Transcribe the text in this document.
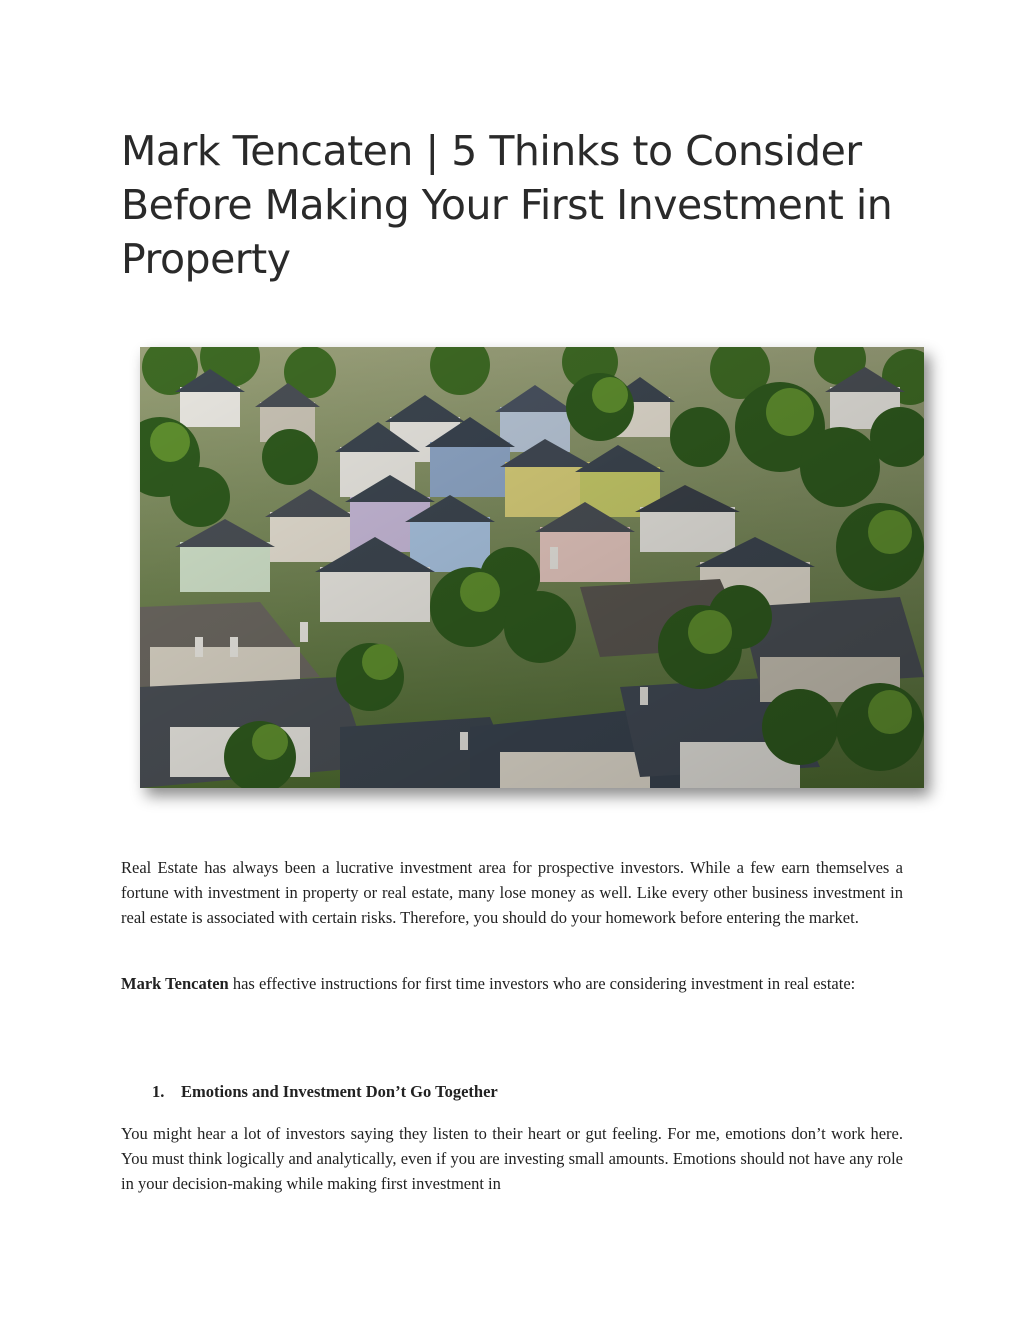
Mark Tencaten | 5 Thinks to Consider Before Making Your First Investment in Property

Real Estate has always been a lucrative investment area for prospective investors. While a few earn themselves a fortune with investment in property or real estate, many lose money as well. Like every other business investment in real estate is associated with certain risks. Therefore, you should do your homework before entering the market.

Mark Tencaten has effective instructions for first time investors who are considering investment in real estate:

1. Emotions and Investment Don’t Go Together

You might hear a lot of investors saying they listen to their heart or gut feeling. For me, emotions don’t work here. You must think logically and analytically, even if you are investing small amounts. Emotions should not have any role in your decision-making while making first investment in
